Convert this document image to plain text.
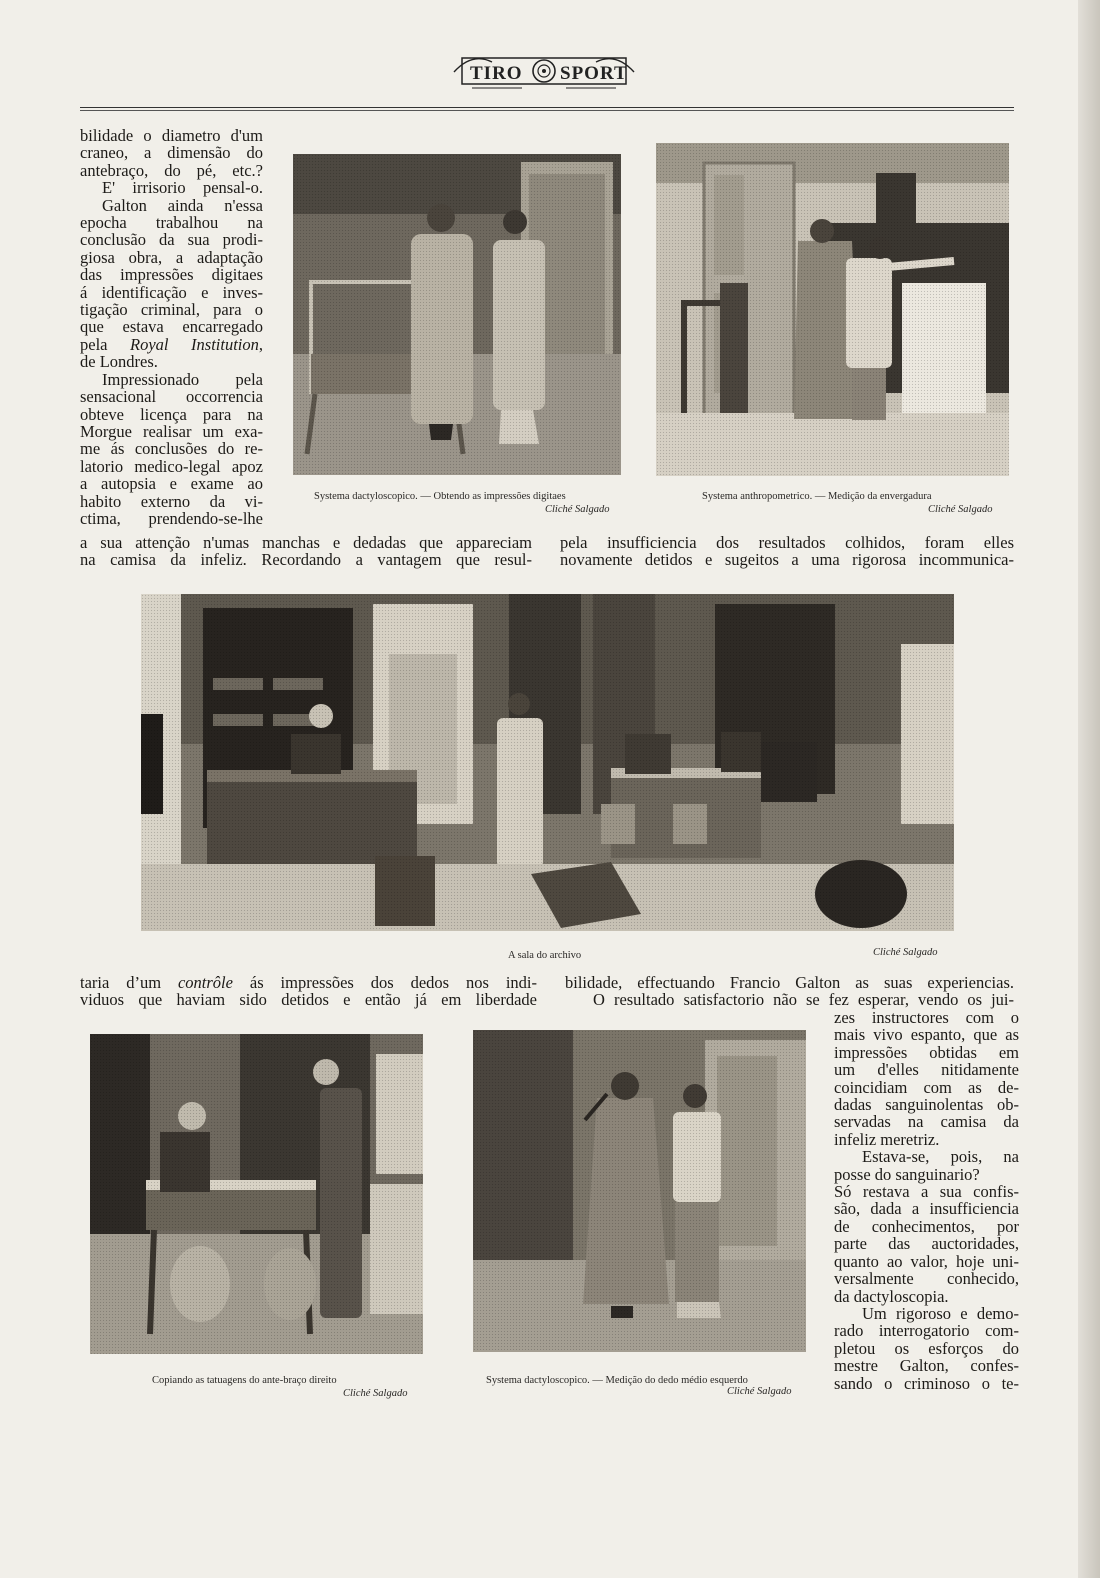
TIRO SPORT
bilidade o diametro d'um
craneo, a dimensão do
antebraço, do pé, etc.?
E' irrisorio pensal-o.
Galton ainda n'essa
epocha trabalhou na
conclusão da sua prodi-
giosa obra, a adaptação
das impressões digitaes
á identificação e inves-
tigação criminal, para o
que estava encarregado
pela Royal Institution,
de Londres.
Impressionado pela
sensacional occorrencia
obteve licença para na
Morgue realisar um exa-
me ás conclusões do re-
latorio medico-legal apoz
a autopsia e exame ao
habito externo da vi-
ctima, prendendo-se-lhe
Systema dactyloscopico. — Obtendo as impressões digitaes
Cliché Salgado
Systema anthropometrico. — Medição da envergadura
Cliché Salgado
a sua attenção n'umas manchas e dedadas que appareciam
na camisa da infeliz. Recordando a vantagem que resul-
pela insufficiencia dos resultados colhidos, foram elles
novamente detidos e sugeitos a uma rigorosa incommunica-
A sala do archivo	Cliché Salgado
taria d’um contrôle ás impressões dos dedos nos indi-
viduos que haviam sido detidos e então já em liberdade
bilidade, effectuando Francio Galton as suas experiencias.
O resultado satisfactorio não se fez esperar, vendo os jui-
zes instructores com o
mais vivo espanto, que as
impressões obtidas em
um d'elles nitidamente
coincidiam com as de-
dadas sanguinolentas ob-
servadas na camisa da
infeliz meretriz.
Estava-se, pois, na
posse do sanguinario?
Só restava a sua confis-
são, dada a insufficiencia
de conhecimentos, por
parte das auctoridades,
quanto ao valor, hoje uni-
versalmente conhecido,
da dactyloscopia.
Um rigoroso e demo-
rado interrogatorio com-
pletou os esforços do
mestre Galton, confes-
sando o criminoso o te-
Copiando as tatuagens do ante-braço direito
Cliché Salgado
Systema dactyloscopico. — Medição do dedo médio esquerdo
Cliché Salgado
